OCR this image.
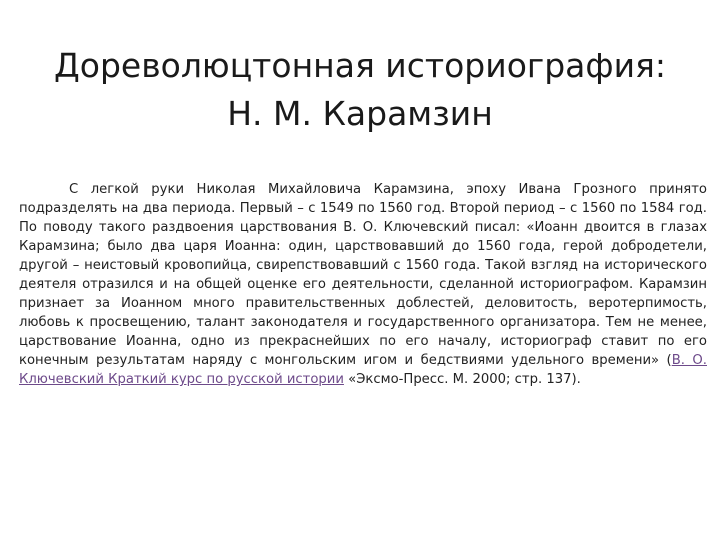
Дореволюцтонная историография:
Н. М. Карамзин

С легкой руки Николая Михайловича Карамзина, эпоху Ивана Грозного принято подразделять на два периода. Первый – с 1549 по 1560 год. Второй период – с 1560 по 1584 год. По поводу такого раздвоения царствования В. О. Ключевский писал: «Иоанн двоится в глазах Карамзина; было два царя Иоанна: один, царствовавший до 1560 года, герой добродетели, другой – неистовый кровопийца, свирепствовавший с 1560 года. Такой взгляд на исторического деятеля отразился и на общей оценке его деятельности, сделанной историографом. Карамзин признает за Иоанном много правительственных доблестей, деловитость, веротерпимость, любовь к просвещению, талант законодателя и государственного организатора. Тем не менее, царствование Иоанна, одно из прекраснейших по его началу, историограф ставит по его конечным результатам наряду с монгольским игом и бедствиями удельного времени» (В. О. Ключевский Краткий курс по русской истории «Эксмо-Пресс. М. 2000; стр. 137).
